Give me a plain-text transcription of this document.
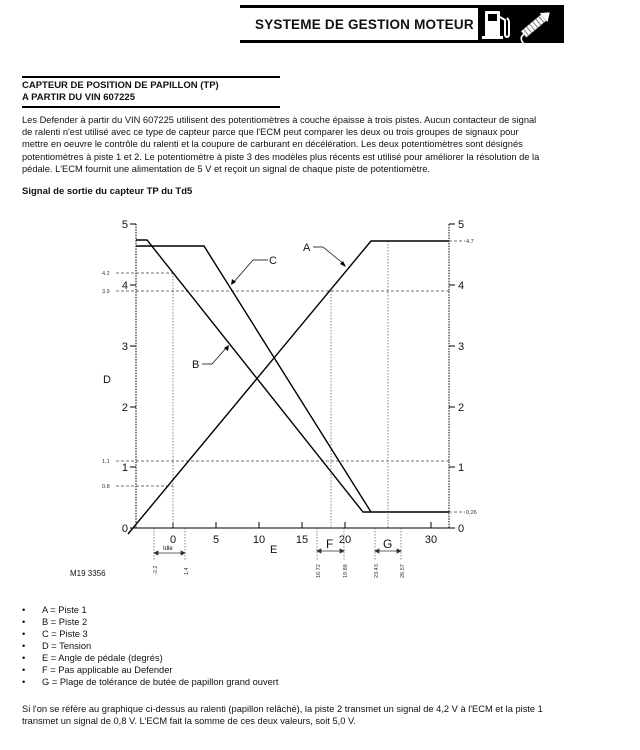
SYSTEME DE GESTION MOTEUR
CAPTEUR DE POSITION DE PAPILLON (TP)
A PARTIR DU VIN 607225
Les Defender à partir du VIN 607225 utilisent des potentiomètres à couche épaisse à trois pistes. Aucun contacteur de signal
de ralenti n'est utilisé avec ce type de capteur parce que l'ECM peut comparer les deux ou trois groupes de signaux pour
mettre en oeuvre le contrôle du ralenti et la coupure de carburant en décélération. Les deux potentiomètres sont désignés
potentiomètres à piste 1 et 2. Le potentiomètre à piste 3 des modèles plus récents est utilisé pour améliorer la résolution de la
pédale. L'ECM fournit une alimentation de 5 V et reçoit un signal de chaque piste de potentiomètre.
Signal de sortie du capteur TP du Td5
5
4
3
2
1
0
5
4
3
2
1
0
0	5	10	15	20	30
4.2
3.9
1.1
0.8
4.7
0.26
-2.2	1.4	16.72	19.88	23.43	26.57
Idle	F	G
D
E
A
B
C
M19 3356
• A = Piste 1
• B = Piste 2
• C = Piste 3
• D = Tension
• E = Angle de pédale (degrés)
• F = Pas applicable au Defender
• G = Plage de tolérance de butée de papillon grand ouvert
Si l'on se réfère au graphique ci-dessus au ralenti (papillon relâché), la piste 2 transmet un signal de 4,2 V à l'ECM et la piste 1
transmet un signal de 0,8 V. L'ECM fait la somme de ces deux valeurs, soit 5,0 V.
